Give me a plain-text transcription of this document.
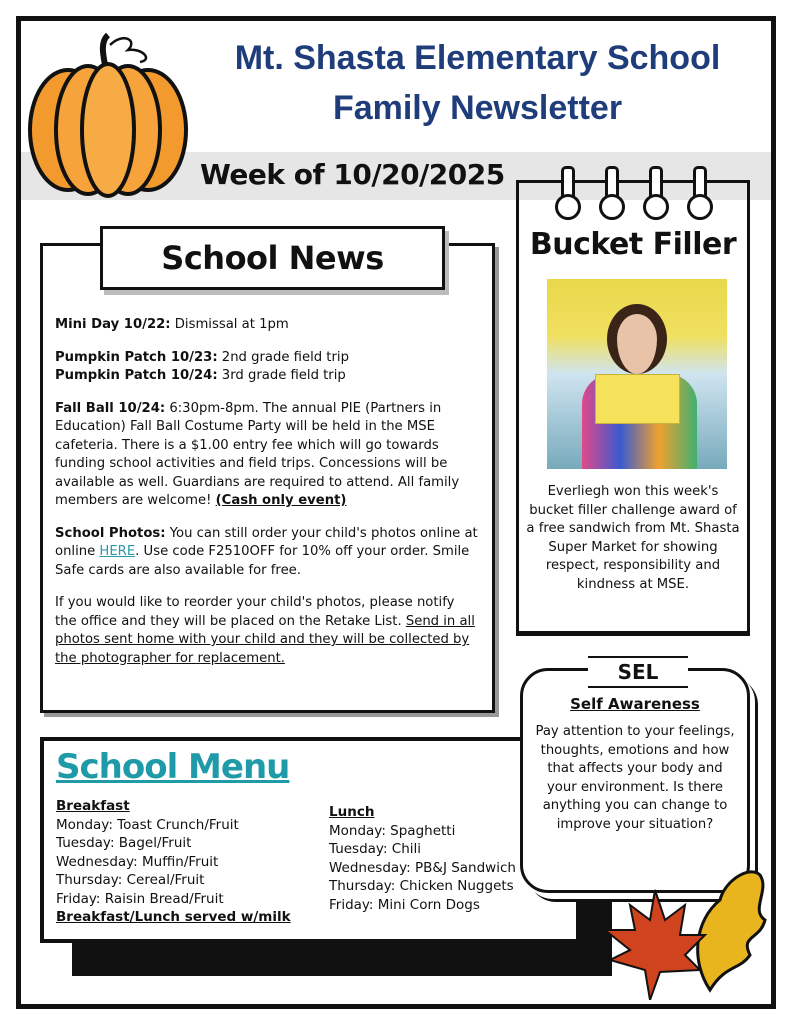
Mt. Shasta Elementary School
Family Newsletter
Week of 10/20/2025

Mini Day 10/22: Dismissal at 1pm

Pumpkin Patch 10/23: 2nd grade field trip
Pumpkin Patch 10/24: 3rd grade field trip

Fall Ball 10/24: 6:30pm-8pm. The annual PIE (Partners in Education) Fall Ball Costume Party will be held in the MSE cafeteria. There is a $1.00 entry fee which will go towards funding school activities and field trips. Concessions will be available as well. Guardians are required to attend. All family members are welcome! (Cash only event)

School Photos: You can still order your child's photos online at online HERE. Use code F2510OFF for 10% off your order. Smile Safe cards are also available for free.

If you would like to reorder your child's photos, please notify the office and they will be placed on the Retake List. Send in all photos sent home with your child and they will be collected by the photographer for replacement.

School News	Bucket Filler
Everliegh won this week's bucket filler challenge award of a free sandwich from Mt. Shasta Super Market for showing respect, responsibility and kindness at MSE.
School Menu
Breakfast
Monday: Toast Crunch/Fruit
Tuesday: Bagel/Fruit
Wednesday: Muffin/Fruit
Thursday: Cereal/Fruit
Friday: Raisin Bread/Fruit
Breakfast/Lunch served w/milk
Lunch
Monday: Spaghetti
Tuesday: Chili
Wednesday: PB&J Sandwich
Thursday: Chicken Nuggets
Friday: Mini Corn Dogs
Self Awareness
Pay attention to your feelings, thoughts, emotions and how that affects your body and your environment. Is there anything you can change to improve your situation?
SEL
